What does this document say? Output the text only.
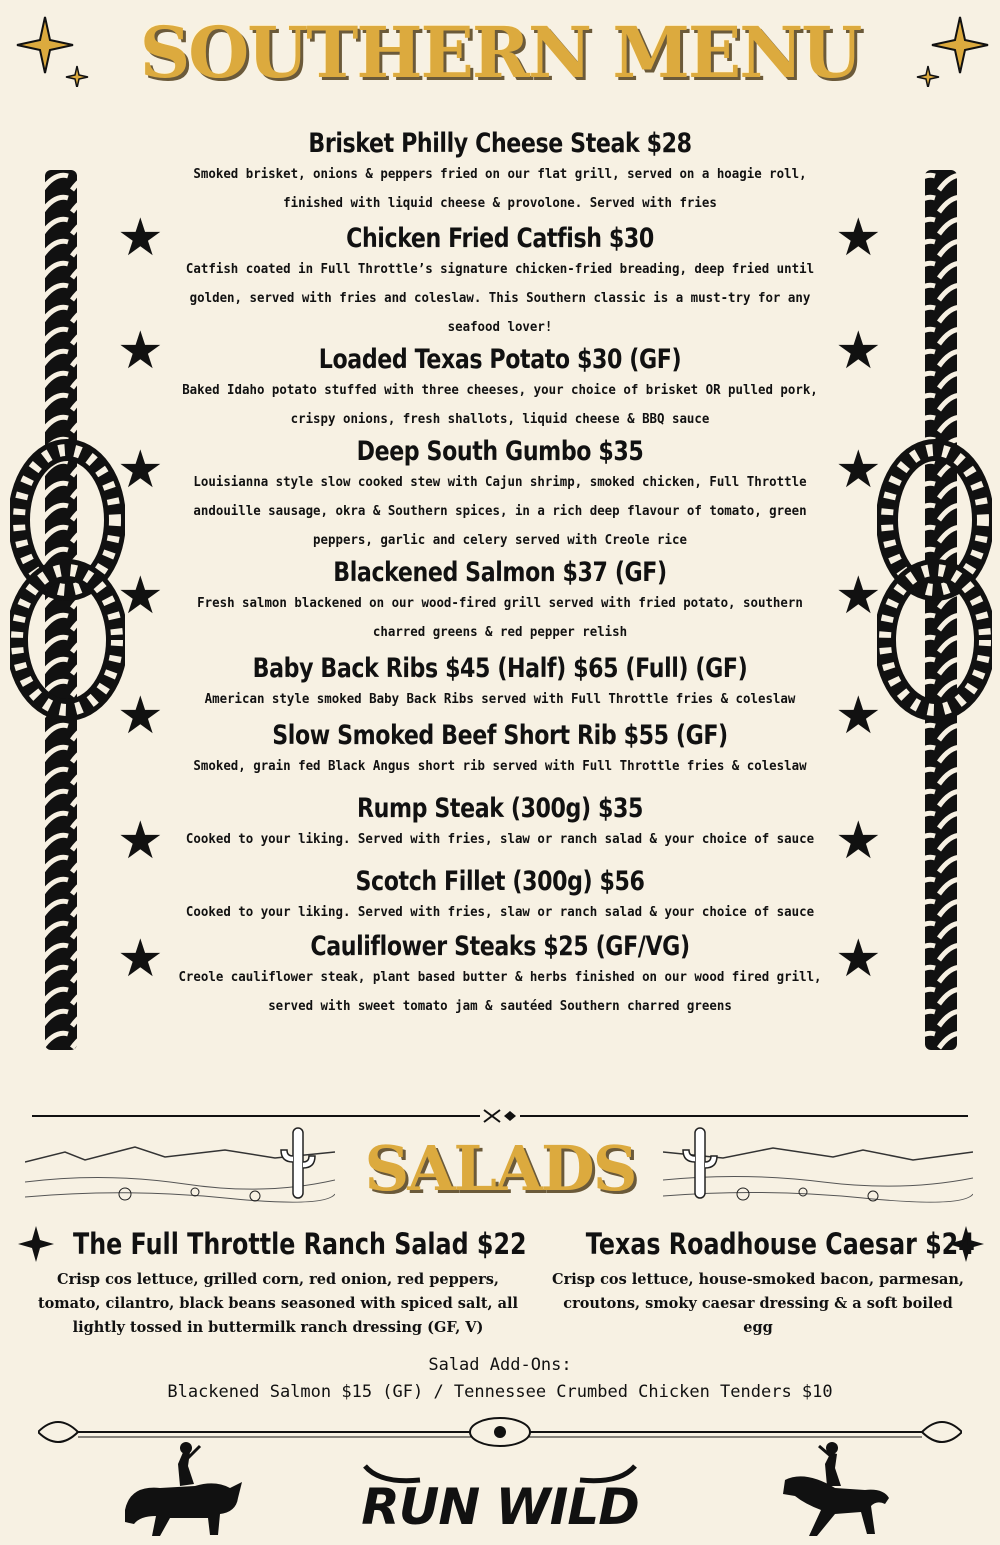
SOUTHERN MENU
★
★
★
★
★
★
★
★
★
★
★
★
★
★
Brisket Philly Cheese Steak $28

Smoked brisket, onions & peppers fried on our flat grill, served on a hoagie roll, finished with liquid cheese & provolone. Served with fries

Chicken Fried Catfish $30

Catfish coated in Full Throttle’s signature chicken-fried breading, deep fried until golden, served with fries and coleslaw. This Southern classic is a must-try for any seafood lover!

Loaded Texas Potato $30 (GF)

Baked Idaho potato stuffed with three cheeses, your choice of brisket OR pulled pork, crispy onions, fresh shallots, liquid cheese & BBQ sauce

Deep South Gumbo $35

Louisianna style slow cooked stew with Cajun shrimp, smoked chicken, Full Throttle andouille sausage, okra & Southern spices, in a rich deep flavour of tomato, green peppers, garlic and celery served with Creole rice

Blackened Salmon $37 (GF)

Fresh salmon blackened on our wood-fired grill served with fried potato, southern charred greens & red pepper relish

Baby Back Ribs $45 (Half) $65 (Full) (GF)

American style smoked Baby Back Ribs served with Full Throttle fries & coleslaw

Slow Smoked Beef Short Rib $55 (GF)

Smoked, grain fed Black Angus short rib served with Full Throttle fries & coleslaw

Rump Steak (300g) $35

Cooked to your liking. Served with fries, slaw or ranch salad & your choice of sauce

Scotch Fillet (300g) $56

Cooked to your liking. Served with fries, slaw or ranch salad & your choice of sauce

Cauliflower Steaks $25 (GF/VG)

Creole cauliflower steak, plant based butter & herbs finished on our wood fired grill, served with sweet tomato jam & sautéed Southern charred greens

SALADS
The Full Throttle Ranch Salad $22

Crisp cos lettuce, grilled corn, red onion, red peppers, tomato, cilantro, black beans seasoned with spiced salt, all lightly tossed in buttermilk ranch dressing (GF, V)

Texas Roadhouse Caesar $24

Crisp cos lettuce, house-smoked bacon, parmesan, croutons, smoky caesar dressing & a soft boiled egg

Salad Add-Ons:
Blackened Salmon $15 (GF) / Tennessee Crumbed Chicken Tenders $10
RUN WILD
